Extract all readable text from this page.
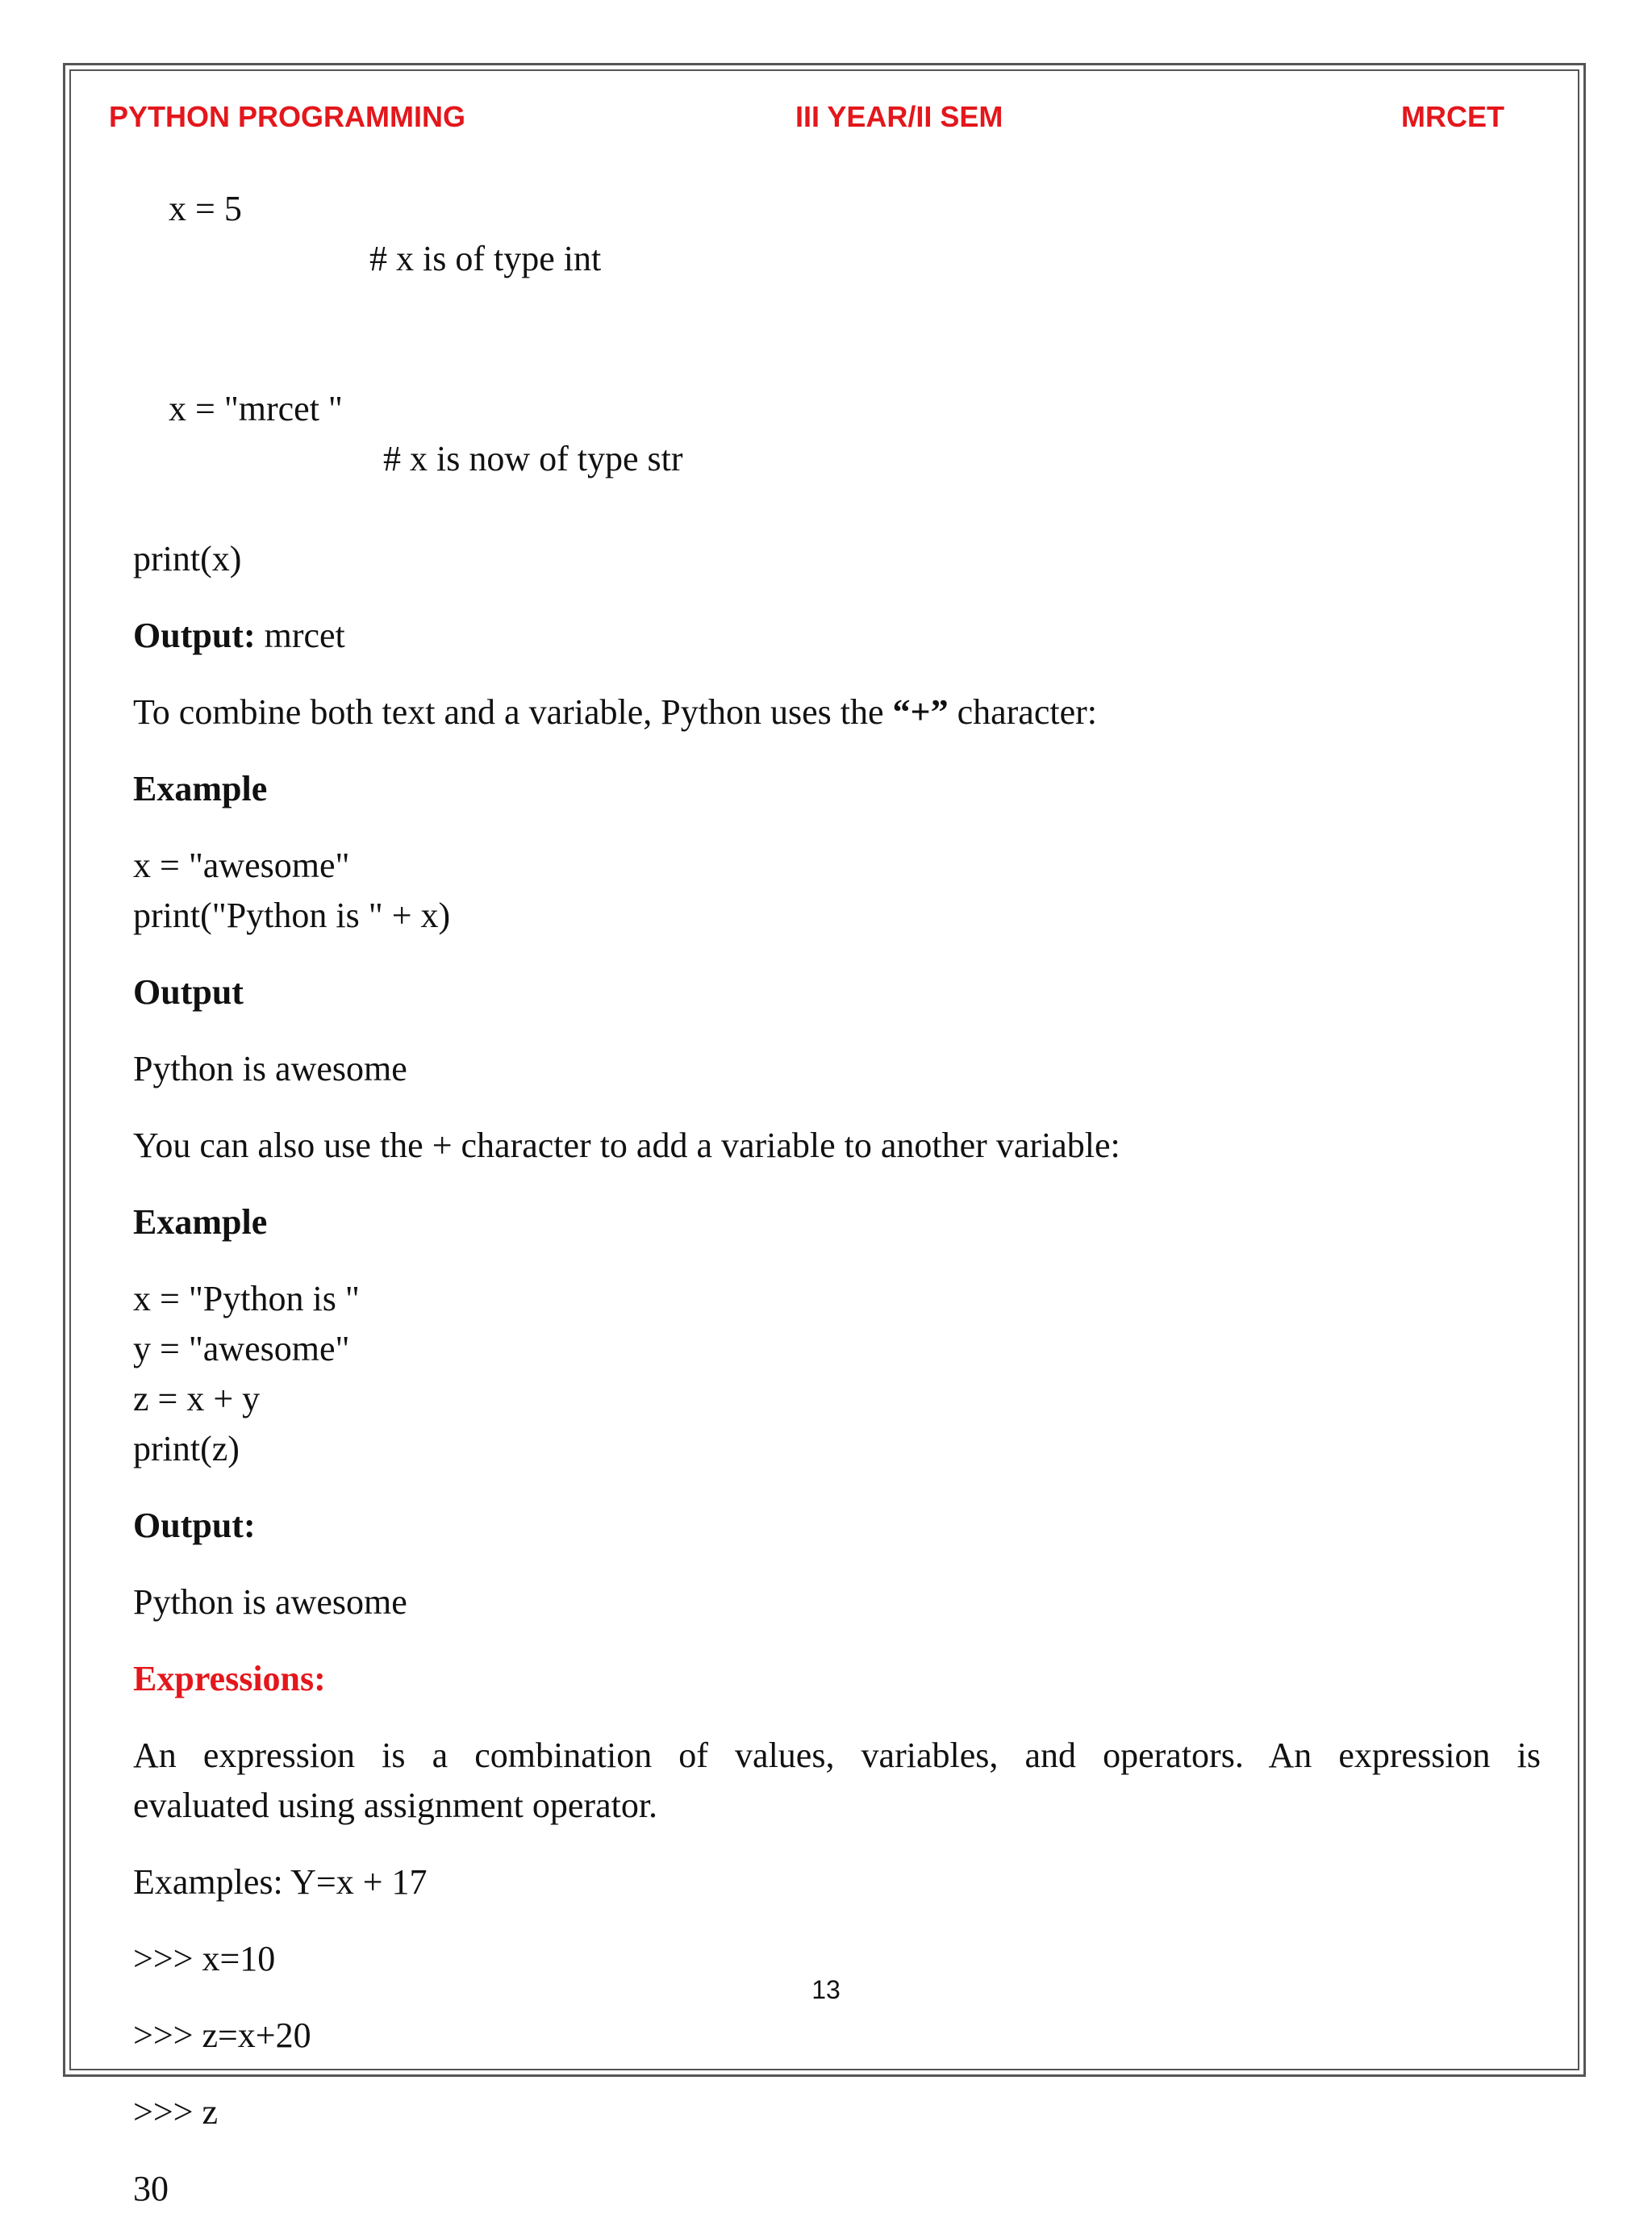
PYTHON PROGRAMMING	III YEAR/II SEM	MRCET

x = 5

# x is of type int

x = "mrcet "

# x is now of type str

print(x)
Output: mrcet
To combine both text and a variable, Python uses the “+” character:
Example
x = "awesome"
print("Python is " + x)
Output
Python is awesome
You can also use the + character to add a variable to another variable:
Example
x = "Python is "
y = "awesome"
z = x + y
print(z)
Output:
Python is awesome
Expressions:
An expression is a combination of values, variables, and operators. An expression is
evaluated using assignment operator.
Examples: Y=x + 17
>>> x=10
>>> z=x+20
>>> z
30
13
